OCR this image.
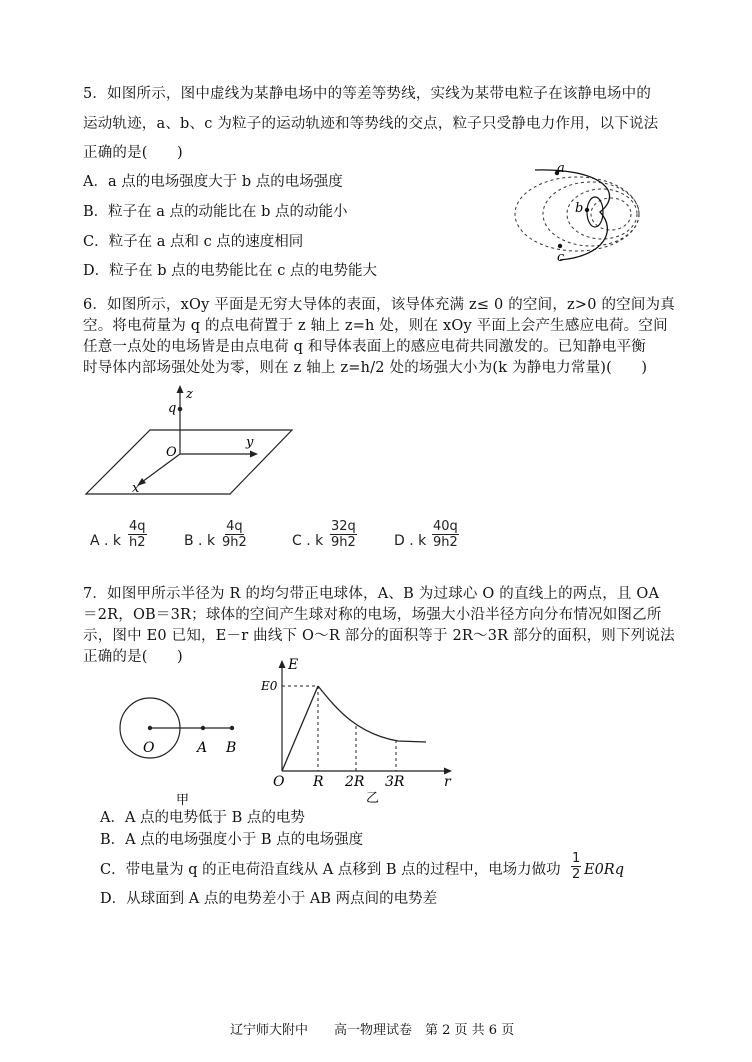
5．如图所示，图中虚线为某静电场中的等差等势线，实线为某带电粒子在该静电场中的
运动轨迹，a、b、c 为粒子的运动轨迹和等势线的交点，粒子只受静电力作用，以下说法
正确的是(　　)
A．a 点的电场强度大于 b 点的电场强度
B．粒子在 a 点的动能比在 b 点的动能小
C．粒子在 a 点和 c 点的速度相同
D．粒子在 b 点的电势能比在 c 点的电势能大
a
b
c
6．如图所示，xOy 平面是无穷大导体的表面，该导体充满 z≤ 0 的空间，z>0 的空间为真
空。将电荷量为 q 的点电荷置于 z 轴上 z=h 处，则在 xOy 平面上会产生感应电荷。空间
任意一点处的电场皆是由点电荷 q 和导体表面上的感应电荷共同激发的。已知静电平衡
时导体内部场强处处为零，则在 z 轴上 z=h/2 处的场强大小为(k 为静电力常量)(　　)
z
q
O
y
x
A . k $\frac{4q}{h2}$	B . k $\frac{4q}{9h2}$	C . k $\frac{32q}{9h2}$	D . k $\frac{40q}{9h2}$
7．如图甲所示半径为 R 的均匀带正电球体，A、B 为过球心 O 的直线上的两点，且 OA
＝2R，OB＝3R；球体的空间产生球对称的电场，场强大小沿半径方向分布情况如图乙所
示，图中 E0 已知，E－r 曲线下 O～R 部分的面积等于 2R～3R 部分的面积，则下列说法
正确的是(　　)
O	A B
甲
E
E0
O R 2R 3R	r
乙
A．A 点的电势低于 B 点的电势
B．A 点的电场强度小于 B 点的电场强度
C．带电量为 q 的正电荷沿直线从 A 点移到 B 点的过程中，电场力做功 $\frac{1}{2} E0Rq$
D．从球面到 A 点的电势差小于 AB 两点间的电势差
辽宁师大附中　　高一物理试卷　第 2 页 共 6 页
